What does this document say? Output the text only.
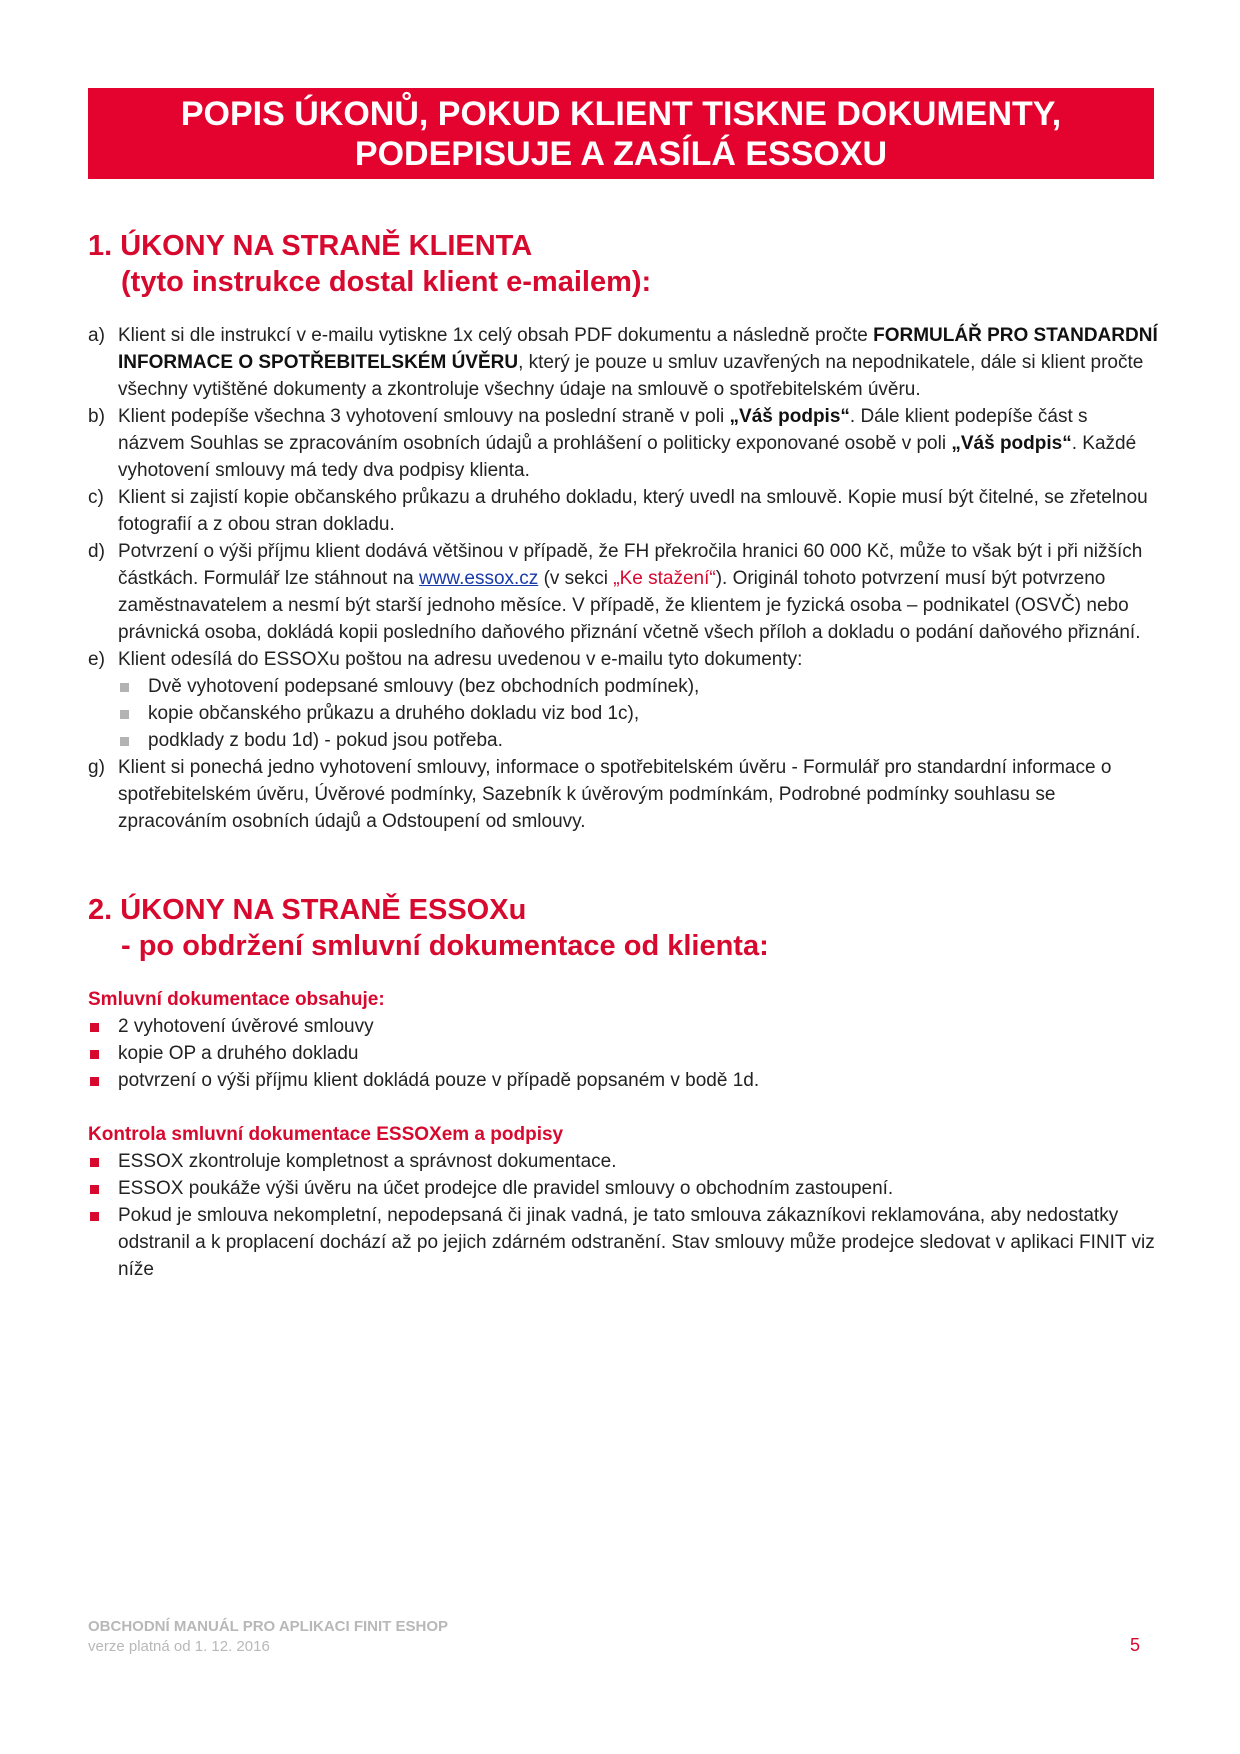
POPIS ÚKONŮ, POKUD KLIENT TISKNE DOKUMENTY,
PODEPISUJE A ZASÍLÁ ESSOXU
1. ÚKONY NA STRANĚ KLIENTA
(tyto instrukce dostal klient e-mailem):
a) Klient si dle instrukcí v e-mailu vytiskne 1x celý obsah PDF dokumentu a následně pročte FORMULÁŘ PRO STANDARDNÍ INFORMACE O SPOTŘEBITELSKÉM ÚVĚRU, který je pouze u smluv uzavřených na nepodnikatele, dále si klient pročte všechny vytištěné dokumenty a zkontroluje všechny údaje na smlouvě o spotřebitelském úvěru.
b) Klient podepíše všechna 3 vyhotovení smlouvy na poslední straně v poli „Váš podpis“. Dále klient podepíše část s názvem Souhlas se zpracováním osobních údajů a prohlášení o politicky exponované osobě v poli „Váš podpis“. Každé vyhotovení smlouvy má tedy dva podpisy klienta.
c) Klient si zajistí kopie občanského průkazu a druhého dokladu, který uvedl na smlouvě. Kopie musí být čitelné, se zřetelnou fotografií a z obou stran dokladu.
d) Potvrzení o výši příjmu klient dodává většinou v případě, že FH překročila hranici 60 000 Kč, může to však být i při nižších částkách. Formulář lze stáhnout na www.essox.cz (v sekci „Ke stažení“). Originál tohoto potvrzení musí být potvrzeno zaměstnavatelem a nesmí být starší jednoho měsíce. V případě, že klientem je fyzická osoba – podnikatel (OSVČ) nebo právnická osoba, dokládá kopii posledního daňového přiznání včetně všech příloh a dokladu o podání daňového přiznání.
e) Klient odesílá do ESSOXu poštou na adresu uvedenou v e-mailu tyto dokumenty:
Dvě vyhotovení podepsané smlouvy (bez obchodních podmínek),
kopie občanského průkazu a druhého dokladu viz bod 1c),
podklady z bodu 1d) - pokud jsou potřeba.
g) Klient si ponechá jedno vyhotovení smlouvy, informace o spotřebitelském úvěru - Formulář pro standardní informace o spotřebitelském úvěru, Úvěrové podmínky, Sazebník k úvěrovým podmínkám, Podrobné podmínky souhlasu se zpracováním osobních údajů a Odstoupení od smlouvy.
2. ÚKONY NA STRANĚ ESSOXu
- po obdržení smluvní dokumentace od klienta:
Smluvní dokumentace obsahuje:
2 vyhotovení úvěrové smlouvy
kopie OP a druhého dokladu
potvrzení o výši příjmu klient dokládá pouze v případě popsaném v bodě 1d.
Kontrola smluvní dokumentace ESSOXem a podpisy
ESSOX zkontroluje kompletnost a správnost dokumentace.
ESSOX poukáže výši úvěru na účet prodejce dle pravidel smlouvy o obchodním zastoupení.
Pokud je smlouva nekompletní, nepodepsaná či jinak vadná, je tato smlouva zákazníkovi reklamována, aby nedostatky odstranil a k proplacení dochází až po jejich zdárném odstranění. Stav smlouvy může prodejce sledovat v aplikaci FINIT viz níže
OBCHODNÍ MANUÁL PRO APLIKACI FINIT ESHOP
verze platná od 1. 12. 2016	5
